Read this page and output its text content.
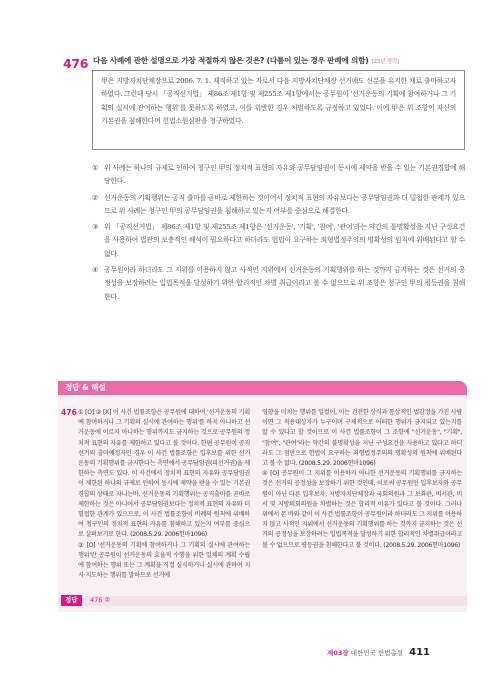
476 다음 사례에 관한 설명으로 가장 적절하지 않은 것은? (다툼이 있는 경우 판례에 의함) [23년 경력]
甲은 지방자치단체장으로 2006. 7. 1. 재직하고 있는 자로서 다음 지방자치단체장 선거에도 신분을 유지한 채로 출마하고자 하였다. 그런데 당시 「공직선거법」 제86조 제1항 및 제255조 제1항에서는 공무원이 '선거운동의 기획에 참여하거나 그 기획의 실시에 관여하는 행위'를 못하도록 하였고, 이를 위반한 경우 처벌하도록 규정하고 있었다. 이에 甲은 위 조항이 자신의 기본권을 침해한다며 헌법소원심판을 청구하였다.
① 위 사례는 하나의 규제로 인하여 청구인 甲의 정치적 표현의 자유와 공무담임권이 동시에 제약을 받을 수 있는 기본권경합에 해당한다.
② 선거운동의 기획행위는 공직 출마를 곧바로 제한하는 것이어서 정치적 표현의 자유보다는 공무담임권과 더 밀접한 관계가 있으므로 위 사례는 청구인 甲의 공무담임권을 침해하고 있는지 여부를 중심으로 해결한다.
③ 위 「공직선거법」 제86조 제1항 및 제255조 제1항은 '선거운동', '기획', '참여', '관여'라는 약간의 불명확성을 지닌 구성요건을 사용하여 법관의 보충적인 해석이 필요하다고 하더라도 헌법이 요구하는 죄형법정주의의 명확성의 원칙에 위배된다고 할 수 없다.
④ 공무원이라 하더라도 그 지위를 이용하지 않고 사적인 지위에서 선거운동의 기획행위를 하는 것까지 금지하는 것은 선거의 공정성을 보장하려는 입법목적을 달성하기 위한 합리적인 차별 취급이라고 볼 수 없으므로 위 조항은 청구인 甲의 평등권을 침해한다.
정답 & 해설
476 ① [O] ② [X] 이 사건 법률조항은 공무원에 대하여 '선거운동의 기획에 참여하거나 그 기획의 실시에 관여하는 행위'를 하지 아니하고 선거운동에 이르지 아니하는 행위까지도 금지하는 것으로 공무원의 정치적 표현의 자유를 제한하고 있다고 볼 것이다. 한편 공무원이 공직선거의 출마예정자인 경우 이 사건 법률조항은 입후보를 위한 선거운동의 기획행위를 금지한다는 측면에서 공무담임권(피선거권)을 제한하는 측면도 있다. 이 사건에서 정치적 표현의 자유와 공무담임권이 제한된 하나의 규제로 인하여 동시에 제약을 받을 수 있는 기본권경합의 상태로 자니는바, 선거운동의 기획행위는 공직출마를 곧바로 제한하는 것은 아니어서 공무담임권보다는 정치적 표현의 자유와 더 밀접한 관계가 있으므로, 이 사건 법률조항이 비례의 원칙에 위배하여 청구인의 정치적 표현의 자유를 침해하고 있는지 여부를 중심으로 살펴보기로 한다. (2008.5.29. 2006헌마1096)

③ [O] '선거운동의 기획에 참여하거나 그 기획의 실시에 관여하는 행위'란 공무원이 선거운동의 효율적 수행을 위한 일체의 계획 수립에 참여하는 행위 또는 그 계획을 직접 실시하거나 실시에 관하여 지시·지도하는 행위를 말하므로 선거에

영향을 미치는 행위를 일컬어, 이는 건전한 상식과 통상적인 법감정을 가진 사람이면 그 적용대상자가 누구이며 구체적으로 어떠한 행위가 금지되고 있는지를 알 수 있다고 할 것이므로 이 사건 법률조항이 그 조항에 "선거운동", "기획", "참여", "관여"라는 약간의 불명확성을 지닌 구성요건을 사용하고 있다고 하더라도 그 점만으로 헌법이 요구하는 죄형법정주의의 명확성의 원칙에 위배된다고 볼 수 없다. (2008.5.29. 2006헌마1096)

④ [O] 공무원이 그 지위를 이용하지 아니한 선거운동의 기획행위를 금지하는 것은 선거의 공정성을 보장하기 위한 것인데, 이로써 공무원인 입후보자와 공무원이 아닌 다른 입후보자, 지방자치단체장과 국회의원과 그 보좌관, 비서관, 비서 및 지방의회의원을 차별하는 것은 합리적 이유가 있다고 볼 것이다. 그러나 위에서 본 바와 같이 이 사건 법률조항이 공무원이라 하더라도 그 지위를 이용하지 않고 사적인 지위에서 선거운동의 기획행위를 하는 것까지 금지하는 것은 선거의 공정성을 보장하려는 입법목적을 달성하기 위한 합리적인 차별취급이라고 볼 수 없으므로 평등권을 침해한다고 볼 것이다. (2008.5.29. 2006헌마1096)

정답	476 ②
제03장 대한민국 헌법총설 411
